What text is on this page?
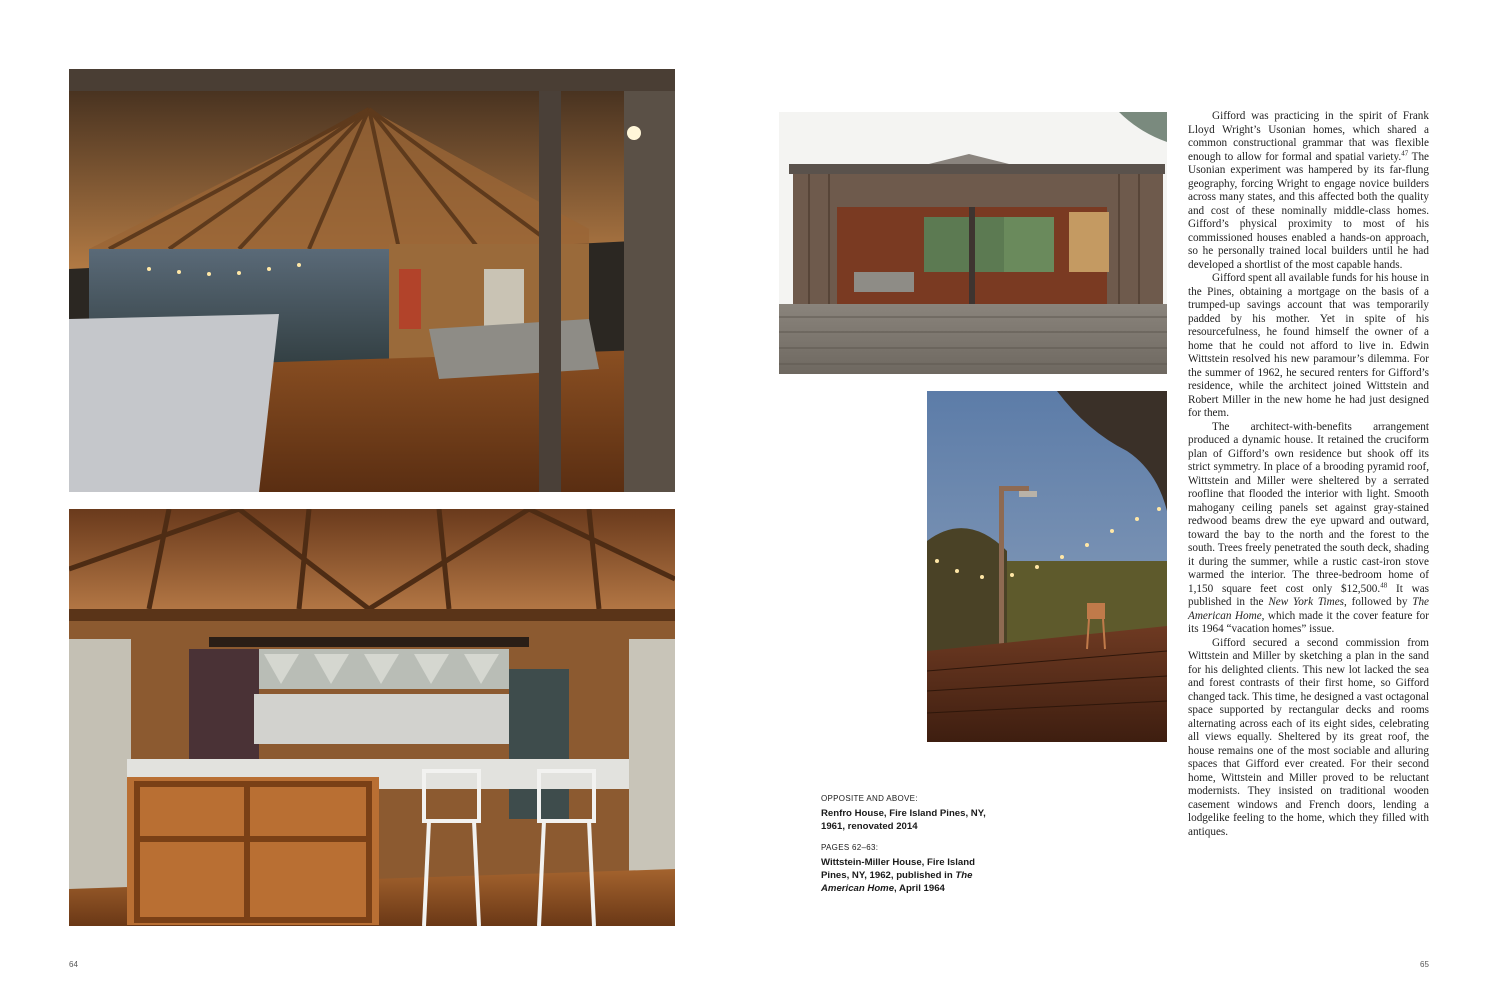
OPPOSITE AND ABOVE:
Renfro House, Fire Island Pines, NY, 1961, renovated 2014
PAGES 62–63:
Wittstein-Miller House, Fire Island Pines, NY, 1962, published in The American Home, April 1964

Gifford was practicing in the spirit of Frank Lloyd Wright’s Usonian homes, which shared a common constructional grammar that was flexible enough to allow for formal and spatial variety.$^{47}$ The Usonian experiment was hampered by its far-flung geography, forcing Wright to engage novice builders across many states, and this affected both the quality and cost of these nominally middle-class homes. Gifford’s physical proximity to most of his commissioned houses enabled a hands-on approach, so he personally trained local builders until he had developed a shortlist of the most capable hands.

Gifford spent all available funds for his house in the Pines, obtaining a mortgage on the basis of a trumped-up savings account that was temporarily padded by his mother. Yet in spite of his resourcefulness, he found himself the owner of a home that he could not afford to live in. Edwin Wittstein resolved his new paramour’s dilemma. For the summer of 1962, he secured renters for Gifford’s residence, while the architect joined Wittstein and Robert Miller in the new home he had just designed for them.

The architect-with-benefits arrangement produced a dynamic house. It retained the cruciform plan of Gifford’s own residence but shook off its strict symmetry. In place of a brooding pyramid roof, Wittstein and Miller were sheltered by a serrated roofline that flooded the interior with light. Smooth mahogany ceiling panels set against gray-stained redwood beams drew the eye upward and outward, toward the bay to the north and the forest to the south. Trees freely penetrated the south deck, shading it during the summer, while a rustic cast-iron stove warmed the interior. The three-bedroom home of 1,150 square feet cost only $12,500.48 It was published in the New York Times, followed by The American Home, which made it the cover feature for its 1964 “vacation homes” issue.

Gifford secured a second commission from Wittstein and Miller by sketching a plan in the sand for his delighted clients. This new lot lacked the sea and forest contrasts of their first home, so Gifford changed tack. This time, he designed a vast octagonal space supported by rectangular decks and rooms alternating across each of its eight sides, celebrating all views equally. Sheltered by its great roof, the house remains one of the most sociable and alluring spaces that Gifford ever created. For their second home, Wittstein and Miller proved to be reluctant modernists. They insisted on traditional wooden casement windows and French doors, lending a lodgelike feeling to the home, which they filled with antiques.

64	65
